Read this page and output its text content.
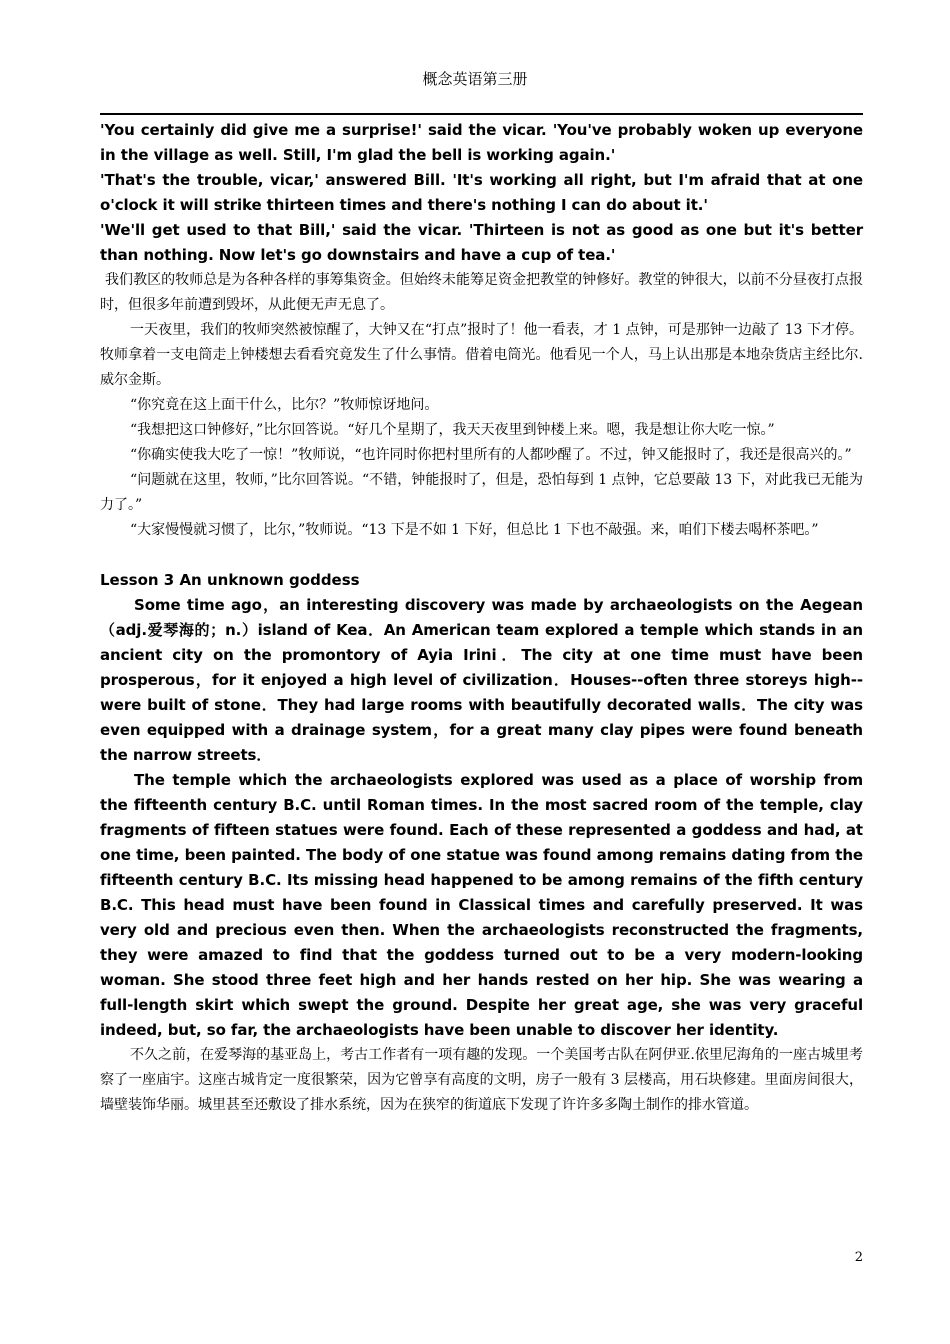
概念英语第三册

'You certainly did give me a surprise!' said the vicar. 'You've probably woken up everyone in the village as well. Still, I'm glad the bell is working again.'

'That's the trouble, vicar,' answered Bill. 'It's working all right, but I'm afraid that at one o'clock it will strike thirteen times and there's nothing I can do about it.'

'We'll get used to that Bill,' said the vicar. 'Thirteen is not as good as one but it's better than nothing. Now let's go downstairs and have a cup of tea.'

我们教区的牧师总是为各种各样的事筹集资金。但始终未能筹足资金把教堂的钟修好。教堂的钟很大，以前不分昼夜打点报时，但很多年前遭到毁坏，从此便无声无息了。

一天夜里，我们的牧师突然被惊醒了，大钟又在“打点”报时了！他一看表，才 1 点钟，可是那钟一边敲了 13 下才停。牧师拿着一支电筒走上钟楼想去看看究竟发生了什么事情。借着电筒光。他看见一个人，马上认出那是本地杂货店主经比尔.威尔金斯。

“你究竟在这上面干什么，比尔？”牧师惊讶地问。

“我想把这口钟修好，”比尔回答说。“好几个星期了，我天天夜里到钟楼上来。嗯，我是想让你大吃一惊。”

“你确实使我大吃了一惊！”牧师说，“也许同时你把村里所有的人都吵醒了。不过，钟又能报时了，我还是很高兴的。”

“问题就在这里，牧师，”比尔回答说。“不错，钟能报时了，但是，恐怕每到 1 点钟，它总要敲 13 下，对此我已无能为力了。”

“大家慢慢就习惯了，比尔，”牧师说。“13 下是不如 1 下好，但总比 1 下也不敲强。来，咱们下楼去喝杯茶吧。”

Lesson 3 An unknown goddess

Some time ago，an interesting discovery was made by archaeologists on the Aegean（adj.爱琴海的；n.）island of Kea．An American team explored a temple which stands in an ancient city on the promontory of Ayia Irini．The city at one time must have been prosperous，for it enjoyed a high level of civilization．Houses--often three storeys high--were built of stone．They had large rooms with beautifully decorated walls．The city was even equipped with a drainage system，for a great many clay pipes were found beneath the narrow streets．

The temple which the archaeologists explored was used as a place of worship from the fifteenth century B.C. until Roman times. In the most sacred room of the temple, clay fragments of fifteen statues were found. Each of these represented a goddess and had, at one time, been painted. The body of one statue was found among remains dating from the fifteenth century B.C. Its missing head happened to be among remains of the fifth century B.C. This head must have been found in Classical times and carefully preserved. It was very old and precious even then. When the archaeologists reconstructed the fragments, they were amazed to find that the goddess turned out to be a very modern-looking woman. She stood three feet high and her hands rested on her hip. She was wearing a full-length skirt which swept the ground. Despite her great age, she was very graceful indeed, but, so far, the archaeologists have been unable to discover her identity.

不久之前，在爱琴海的基亚岛上，考古工作者有一项有趣的发现。一个美国考古队在阿伊亚.依里尼海角的一座古城里考察了一座庙宇。这座古城肯定一度很繁荣，因为它曾享有高度的文明，房子一般有 3 层楼高，用石块修建。里面房间很大，墙壁装饰华丽。城里甚至还敷设了排水系统，因为在狭窄的街道底下发现了许许多多陶土制作的排水管道。

2
